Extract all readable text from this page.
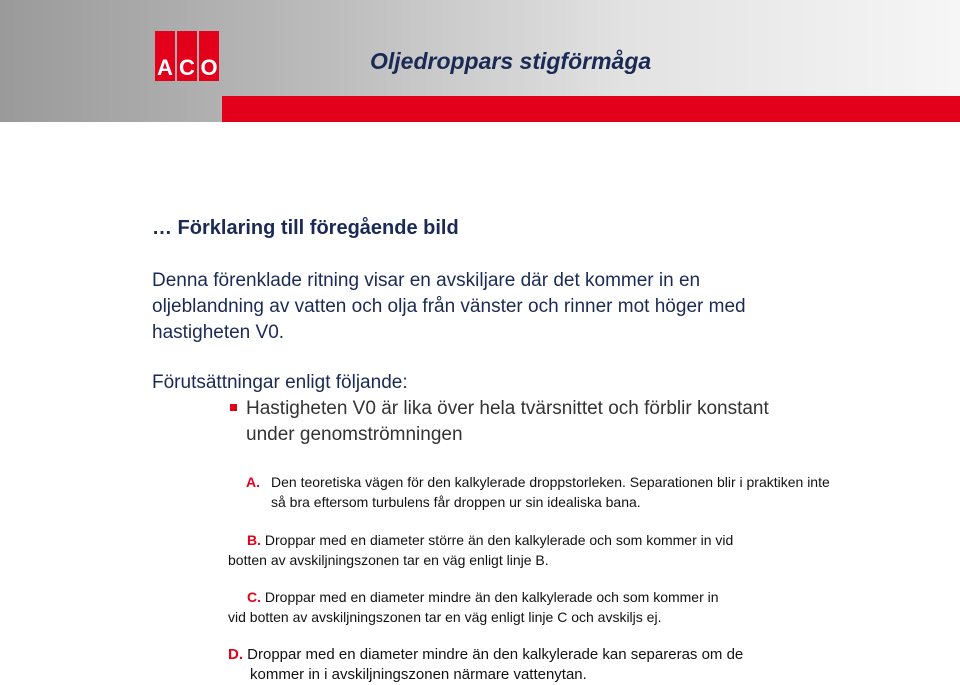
A C O	Oljedroppars stigförmåga
… Förklaring till föregående bild
Denna förenklade ritning visar en avskiljare där det kommer in en oljeblandning av vatten och olja från vänster och rinner mot höger med hastigheten V0.
Förutsättningar enligt följande:
Hastigheten V0 är lika över hela tvärsnittet och förblir konstant under genomströmningen
A. Den teoretiska vägen för den kalkylerade droppstorleken. Separationen blir i praktiken inte så bra eftersom turbulens får droppen ur sin idealiska bana.
B. Droppar med en diameter större än den kalkylerade och som kommer in vid
botten av avskiljningszonen tar en väg enligt linje B.
C. Droppar med en diameter mindre än den kalkylerade och som kommer in
vid botten av avskiljningszonen tar en väg enligt linje C och avskiljs ej.
D. Droppar med en diameter mindre än den kalkylerade kan separeras om de
kommer in i avskiljningszonen närmare vattenytan.
